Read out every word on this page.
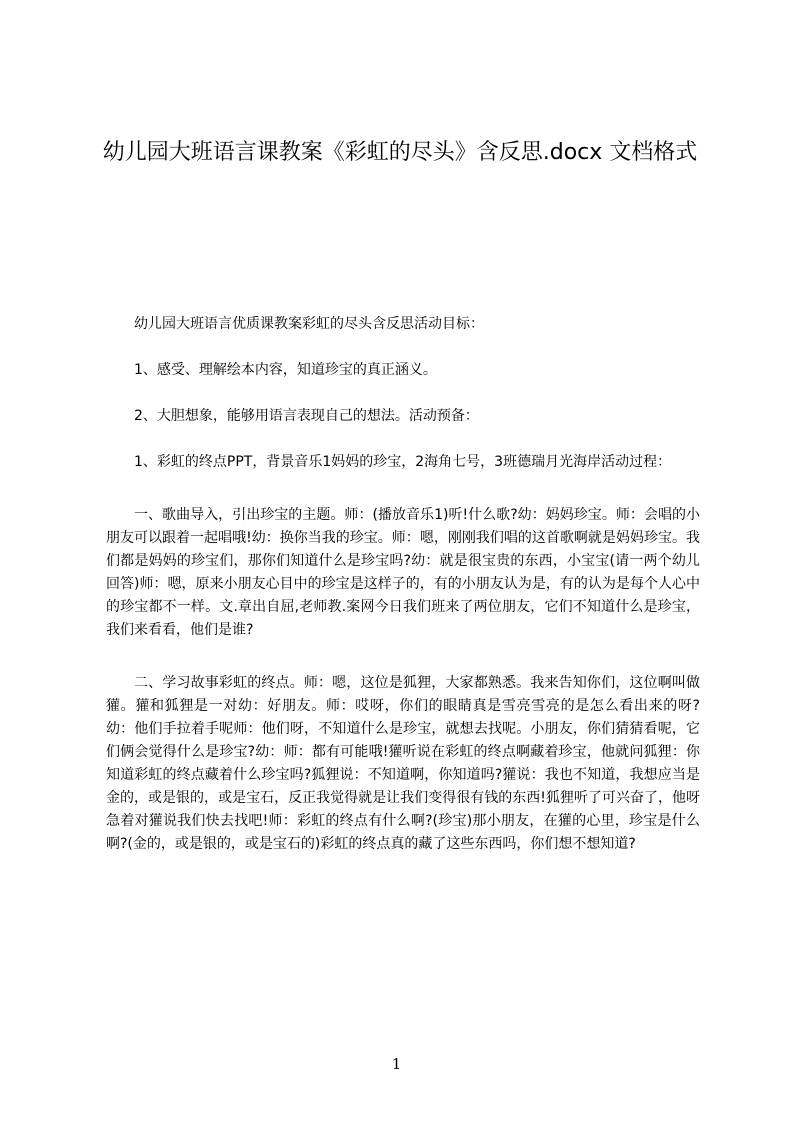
幼儿园大班语言课教案《彩虹的尽头》含反思.docx 文档格式

幼儿园大班语言优质课教案彩虹的尽头含反思活动目标：

1、感受、理解绘本内容，知道珍宝的真正涵义。

2、大胆想象，能够用语言表现自己的想法。活动预备：

1、彩虹的终点PPT，背景音乐1妈妈的珍宝，2海角七号，3班德瑞月光海岸活动过程：

一、歌曲导入，引出珍宝的主题。师：(播放音乐1)听!什么歌?幼：妈妈珍宝。师：会唱的小朋友可以跟着一起唱哦!幼：换你当我的珍宝。师：嗯，刚刚我们唱的这首歌啊就是妈妈珍宝。我们都是妈妈的珍宝们，那你们知道什么是珍宝吗?幼：就是很宝贵的东西，小宝宝(请一两个幼儿回答)师：嗯，原来小朋友心目中的珍宝是这样子的，有的小朋友认为是，有的认为是每个人心中的珍宝都不一样。文.章出自屈,老师教.案网今日我们班来了两位朋友，它们不知道什么是珍宝，我们来看看，他们是谁?

二、学习故事彩虹的终点。师：嗯，这位是狐狸，大家都熟悉。我来告知你们，这位啊叫做獾。獾和狐狸是一对幼：好朋友。师：哎呀，你们的眼睛真是雪亮雪亮的是怎么看出来的呀?幼：他们手拉着手呢师：他们呀，不知道什么是珍宝，就想去找呢。小朋友，你们猜猜看呢，它们俩会觉得什么是珍宝?幼：师：都有可能哦!獾听说在彩虹的终点啊藏着珍宝，他就问狐狸：你知道彩虹的终点藏着什么珍宝吗?狐狸说：不知道啊，你知道吗?獾说：我也不知道，我想应当是金的，或是银的，或是宝石，反正我觉得就是让我们变得很有钱的东西!狐狸听了可兴奋了，他呀急着对獾说我们快去找吧!师：彩虹的终点有什么啊?(珍宝)那小朋友，在獾的心里，珍宝是什么啊?(金的，或是银的，或是宝石的)彩虹的终点真的藏了这些东西吗，你们想不想知道?

1
